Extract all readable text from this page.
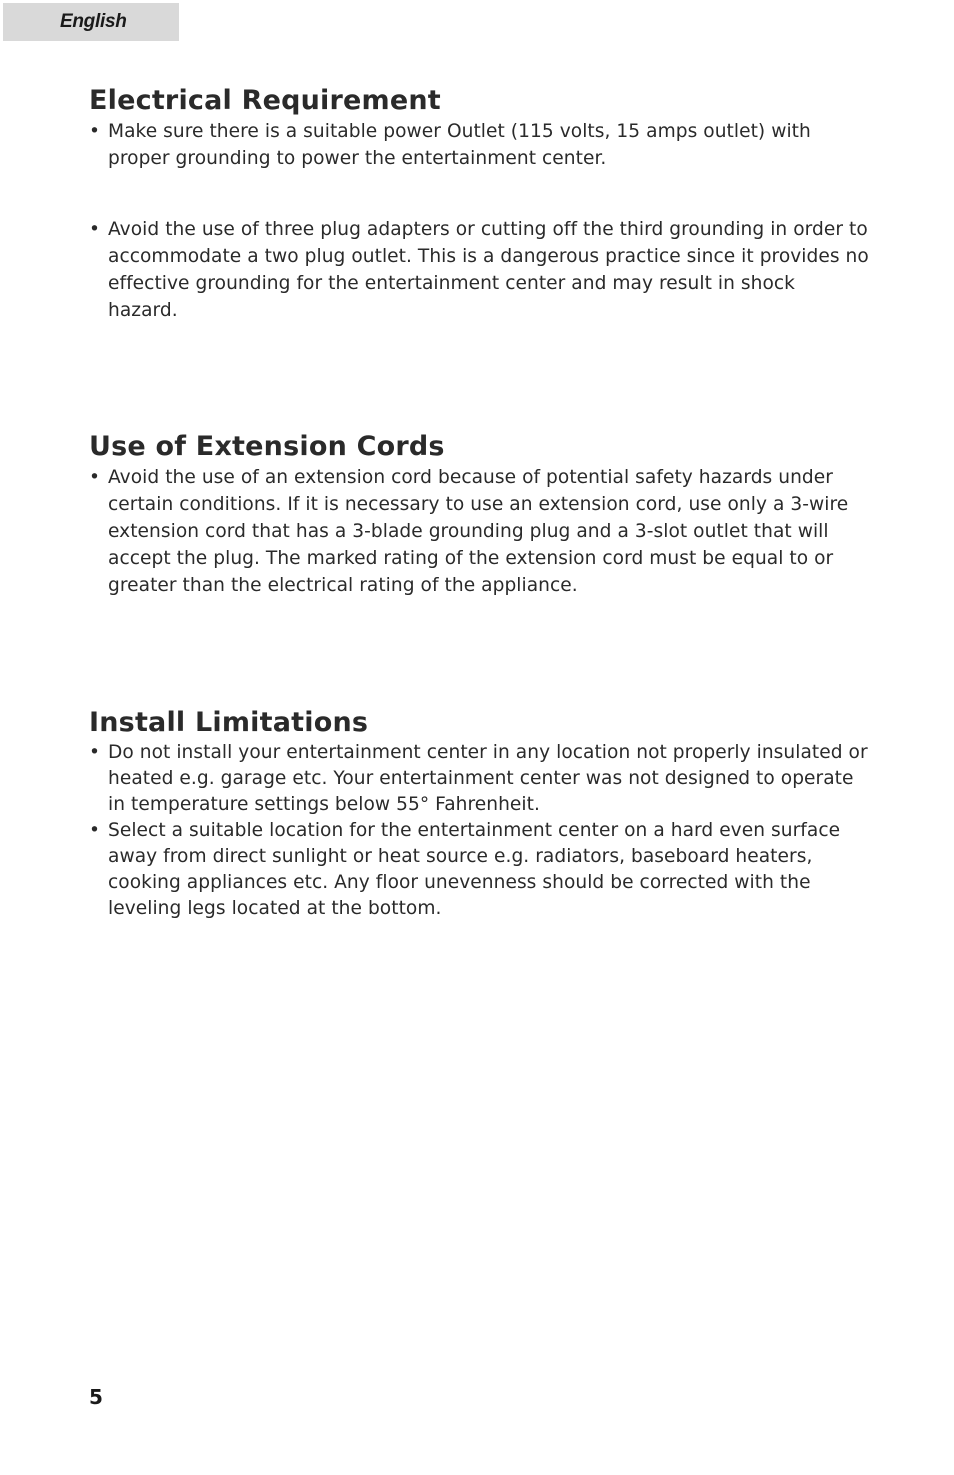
English
Electrical Requirement
• Make sure there is a suitable power Outlet (115 volts, 15 amps outlet) with proper grounding to power the entertainment center.
• Avoid the use of three plug adapters or cutting off the third grounding in order to accommodate a two plug outlet. This is a dangerous practice since it provides no effective grounding for the entertainment center and may result in shock hazard.
Use of Extension Cords
• Avoid the use of an extension cord because of potential safety hazards under certain conditions. If it is necessary to use an extension cord, use only a 3-wire extension cord that has a 3-blade grounding plug and a 3-slot outlet that will accept the plug. The marked rating of the extension cord must be equal to or greater than the electrical rating of the appliance.
Install Limitations
• Do not install your entertainment center in any location not properly insulated or heated e.g. garage etc. Your entertainment center was not designed to operate in temperature settings below 55° Fahrenheit.
• Select a suitable location for the entertainment center on a hard even surface away from direct sunlight or heat source e.g. radiators, baseboard heaters, cooking appliances etc. Any floor unevenness should be corrected with the leveling legs located at the bottom.
5
